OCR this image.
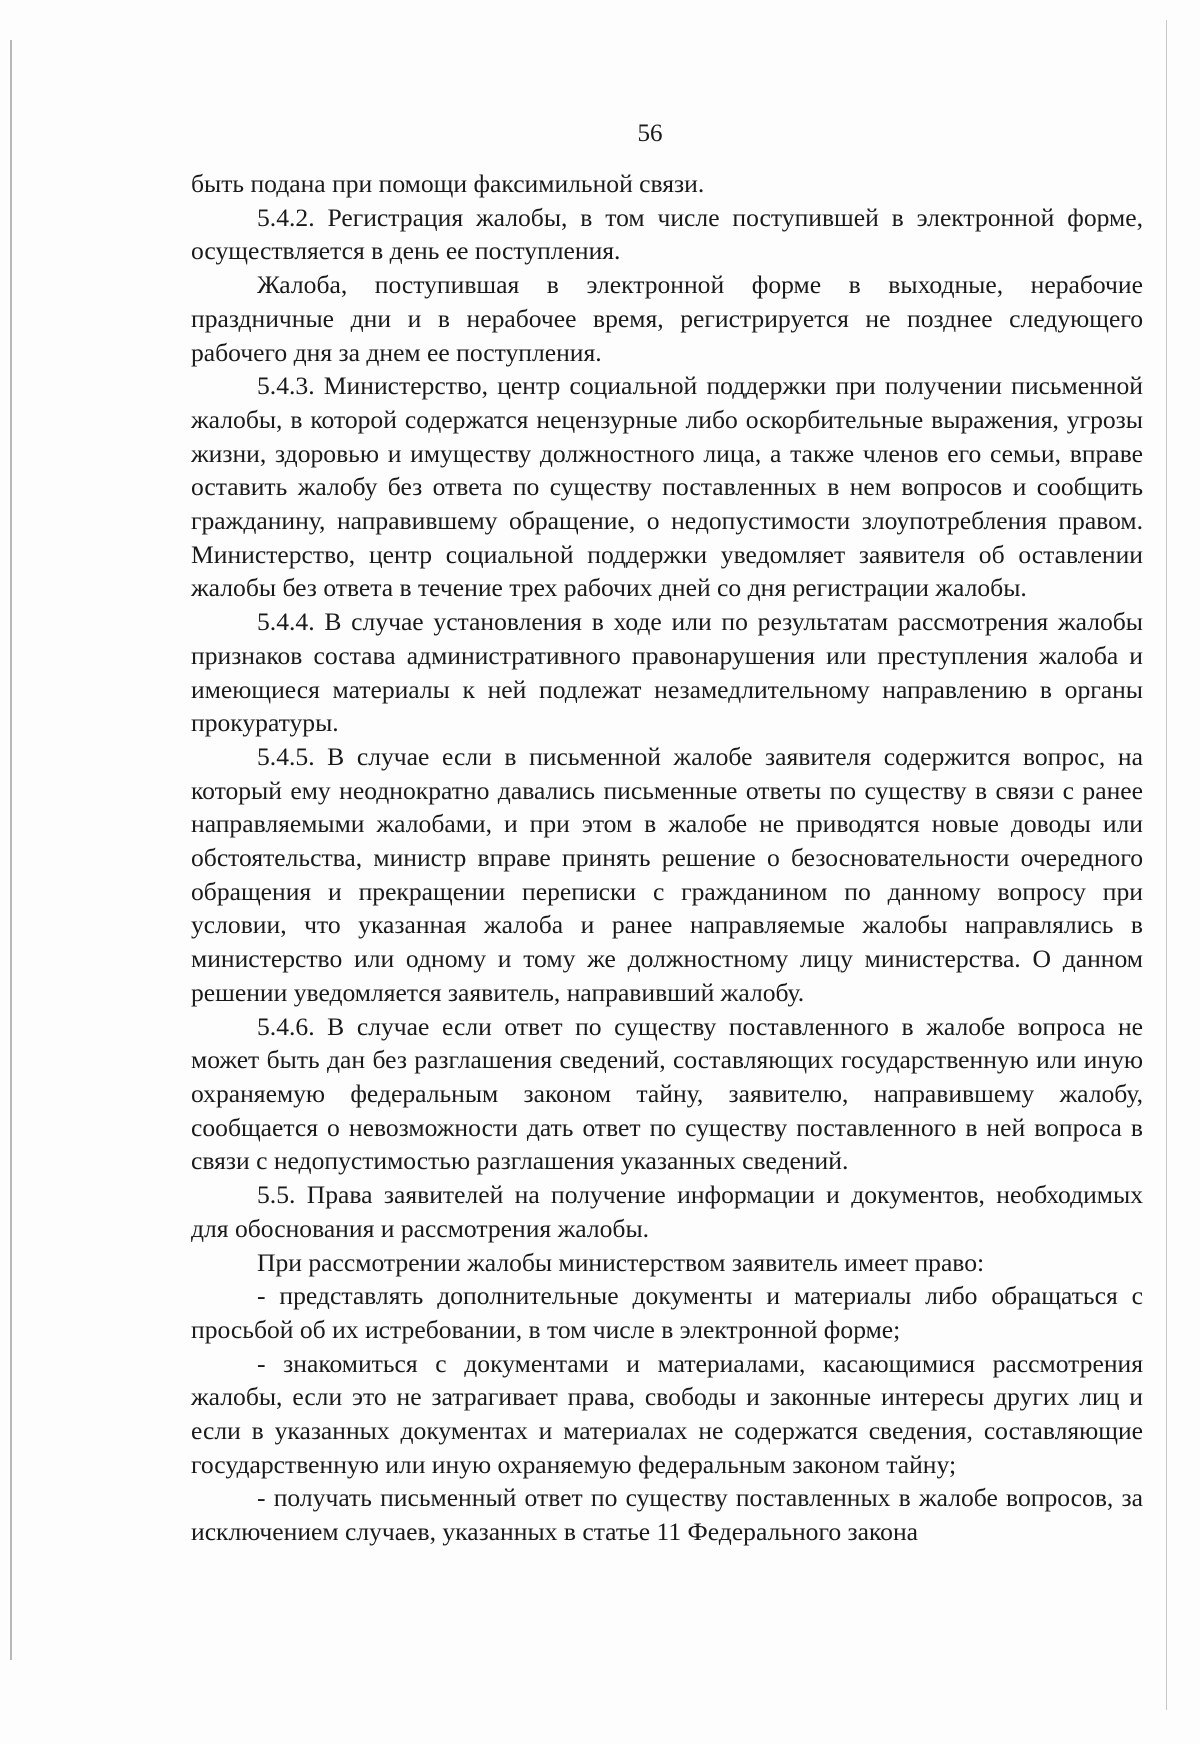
56

быть подана при помощи факсимильной связи.

5.4.2. Регистрация жалобы, в том числе поступившей в электронной форме, осуществляется в день ее поступления.

Жалоба, поступившая в электронной форме в выходные, нерабочие праздничные дни и в нерабочее время, регистрируется не позднее следующего рабочего дня за днем ее поступления.

5.4.3. Министерство, центр социальной поддержки при получении письменной жалобы, в которой содержатся нецензурные либо оскорбительные выражения, угрозы жизни, здоровью и имуществу должностного лица, а также членов его семьи, вправе оставить жалобу без ответа по существу поставленных в нем вопросов и сообщить гражданину, направившему обращение, о недопустимости злоупотребления правом. Министерство, центр социальной поддержки уведомляет заявителя об оставлении жалобы без ответа в течение трех рабочих дней со дня регистрации жалобы.

5.4.4. В случае установления в ходе или по результатам рассмотрения жалобы признаков состава административного правонарушения или преступления жалоба и имеющиеся материалы к ней подлежат незамедлительному направлению в органы прокуратуры.

5.4.5. В случае если в письменной жалобе заявителя содержится вопрос, на который ему неоднократно давались письменные ответы по существу в связи с ранее направляемыми жалобами, и при этом в жалобе не приводятся новые доводы или обстоятельства, министр вправе принять решение о безосновательности очередного обращения и прекращении переписки с гражданином по данному вопросу при условии, что указанная жалоба и ранее направляемые жалобы направлялись в министерство или одному и тому же должностному лицу министерства. О данном решении уведомляется заявитель, направивший жалобу.

5.4.6. В случае если ответ по существу поставленного в жалобе вопроса не может быть дан без разглашения сведений, составляющих государственную или иную охраняемую федеральным законом тайну, заявителю, направившему жалобу, сообщается о невозможности дать ответ по существу поставленного в ней вопроса в связи с недопустимостью разглашения указанных сведений.

5.5. Права заявителей на получение информации и документов, необходимых для обоснования и рассмотрения жалобы.

При рассмотрении жалобы министерством заявитель имеет право:

- представлять дополнительные документы и материалы либо обращаться с просьбой об их истребовании, в том числе в электронной форме;

- знакомиться с документами и материалами, касающимися рассмотрения жалобы, если это не затрагивает права, свободы и законные интересы других лиц и если в указанных документах и материалах не содержатся сведения, составляющие государственную или иную охраняемую федеральным законом тайну;

- получать письменный ответ по существу поставленных в жалобе вопросов, за исключением случаев, указанных в статье 11 Федерального закона
